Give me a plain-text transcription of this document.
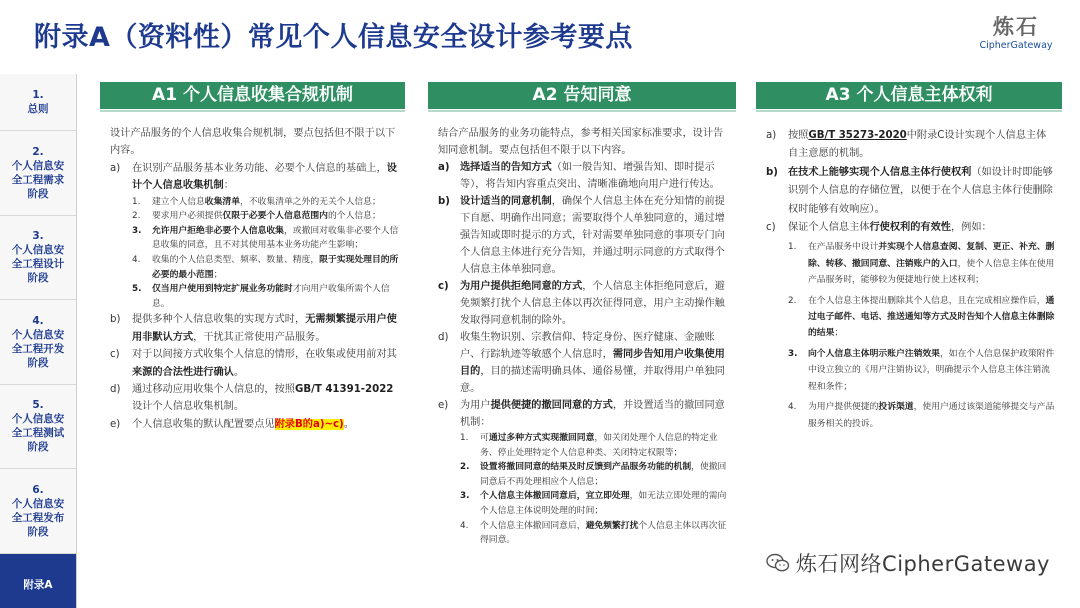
附录A（资料性）常见个人信息安全设计参考要点	炼石
CipherGateway
1.
总则
2.
个人信息安全工程需求阶段
3.
个人信息安全工程设计阶段
4.
个人信息安全工程开发阶段
5.
个人信息安全工程测试阶段
6.
个人信息安全工程发布阶段
附录A
A1 个人信息收集合规机制
设计产品服务的个人信息收集合规机制，要点包括但不限于以下内容。
a)	在识别产品服务基本业务功能、必要个人信息的基础上，设计个人信息收集机制：
1.	建立个人信息收集清单，不收集清单之外的无关个人信息；
2.	要求用户必须提供仅限于必要个人信息范围内的个人信息；
3.	允许用户拒绝非必要个人信息收集，或撤回对收集非必要个人信息收集的同意，且不对其使用基本业务功能产生影响；
4.	收集的个人信息类型、频率、数量、精度，限于实现处理目的所必要的最小范围；
5.	仅当用户使用到特定扩展业务功能时才向用户收集所需个人信息。
b)	提供多种个人信息收集的实现方式时，无需频繁提示用户使用非默认方式，干扰其正常使用产品服务。
c)	对于以间接方式收集个人信息的情形，在收集或使用前对其来源的合法性进行确认。
d)	通过移动应用收集个人信息的，按照GB/T 41391-2022设计个人信息收集机制。
e)	个人信息收集的默认配置要点见附录B的a)~c)。
A2 告知同意
结合产品服务的业务功能特点，参考相关国家标准要求，设计告知同意机制。要点包括但不限于以下内容。
a)	选择适当的告知方式（如一般告知、增强告知、即时提示等），将告知内容重点突出、清晰准确地向用户进行传达。
b) 设计适当的同意机制，确保个人信息主体在充分知情的前提下自愿、明确作出同意；需要取得个人单独同意的，通过增强告知或即时提示的方式，针对需要单独同意的事项专门向个人信息主体进行充分告知，并通过明示同意的方式取得个人信息主体单独同意。
c)	为用户提供拒绝同意的方式，个人信息主体拒绝同意后，避免频繁打扰个人信息主体以再次征得同意，用户主动操作触发取得同意机制的除外。
d)	收集生物识别、宗教信仰、特定身份、医疗健康、金融账户、行踪轨迹等敏感个人信息时，需同步告知用户收集使用目的，目的描述需明确具体、通俗易懂，并取得用户单独同意。
e)	为用户提供便捷的撤回同意的方式，并设置适当的撤回同意机制：
1.	可通过多种方式实现撤回同意，如关闭处理个人信息的特定业务、停止处理特定个人信息种类、关闭特定权限等；
2.	设置将撤回同意的结果及时反馈到产品服务功能的机制，使撤回同意后不再处理相应个人信息；
3.	个人信息主体撤回同意后，宜立即处理，如无法立即处理的需向个人信息主体说明处理的时间；
4.	个人信息主体撤回同意后，避免频繁打扰个人信息主体以再次征得同意。
A3 个人信息主体权利
a)	按照GB/T 35273-2020中附录C设计实现个人信息主体自主意愿的机制。
b) 在技术上能够实现个人信息主体行使权利（如设计时即能够识别个人信息的存储位置，以便于在个人信息主体行使删除权时能够有效响应）。
c)	保证个人信息主体行使权利的有效性，例如：
1.	在产品服务中设计并实现个人信息查阅、复制、更正、补充、删除、转移、撤回同意、注销账户的入口，使个人信息主体在使用产品服务时，能够较为便捷地行使上述权利；
2.	在个人信息主体提出删除其个人信息，且在完成相应操作后，通过电子邮件、电话、推送通知等方式及时告知个人信息主体删除的结果；
3.	向个人信息主体明示账户注销效果，如在个人信息保护政策附件中设立独立的《用户注销协议》，明确提示个人信息主体注销流程和条件；
4.	为用户提供便捷的投诉渠道，使用户通过该渠道能够提交与产品服务相关的投诉。
炼石网络CipherGateway
